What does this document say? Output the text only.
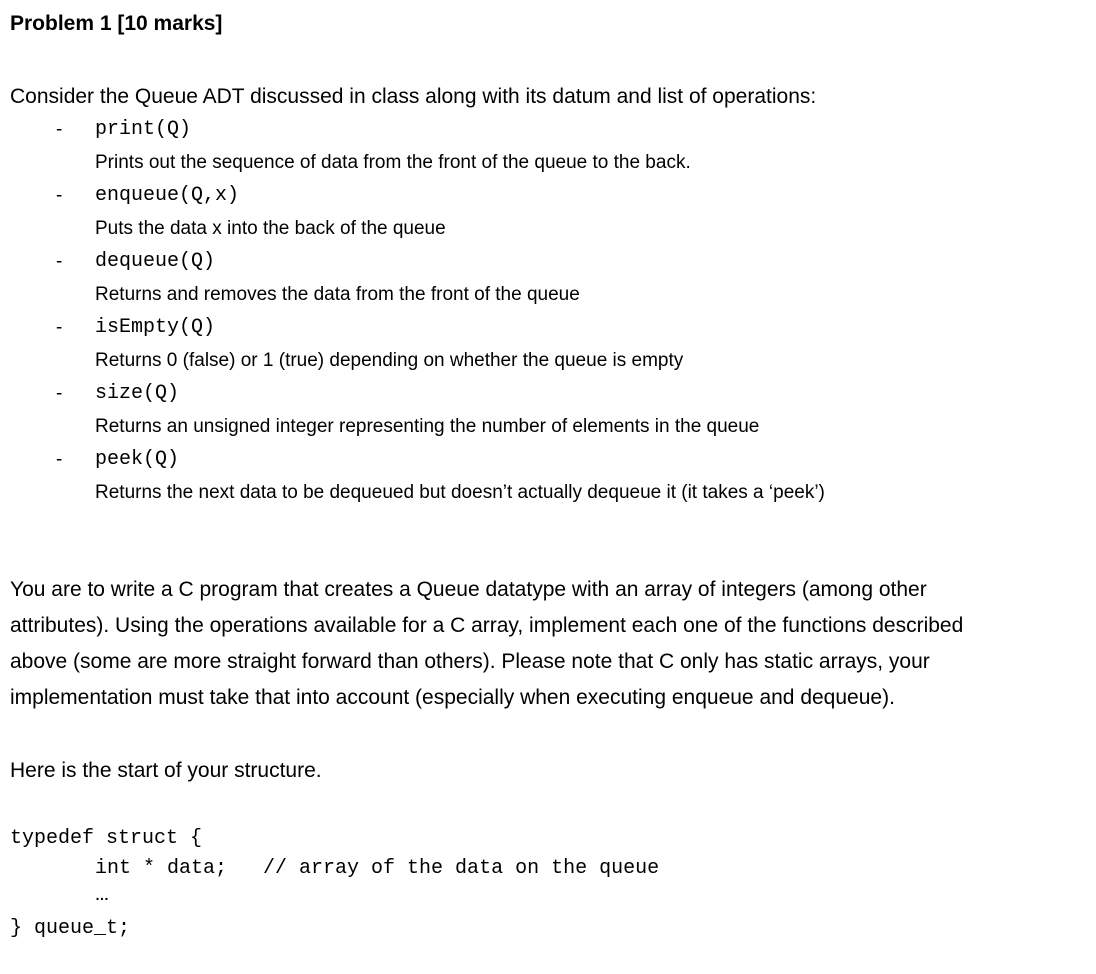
Problem 1 [10 marks]
Consider the Queue ADT discussed in class along with its datum and list of operations:
- print(Q)
Prints out the sequence of data from the front of the queue to the back.
- enqueue(Q,x)
Puts the data x into the back of the queue
- dequeue(Q)
Returns and removes the data from the front of the queue
- isEmpty(Q)
Returns 0 (false) or 1 (true) depending on whether the queue is empty
- size(Q)
Returns an unsigned integer representing the number of elements in the queue
- peek(Q)
Returns the next data to be dequeued but doesn’t actually dequeue it (it takes a ‘peek’)

You are to write a C program that creates a Queue datatype with an array of integers (among other
attributes). Using the operations available for a C array, implement each one of the functions described
above (some are more straight forward than others). Please note that C only has static arrays, your
implementation must take that into account (especially when executing enqueue and dequeue).

Here is the start of your structure.

typedef struct {

int * data;   // array of the data on the queue

…

} queue_t;
